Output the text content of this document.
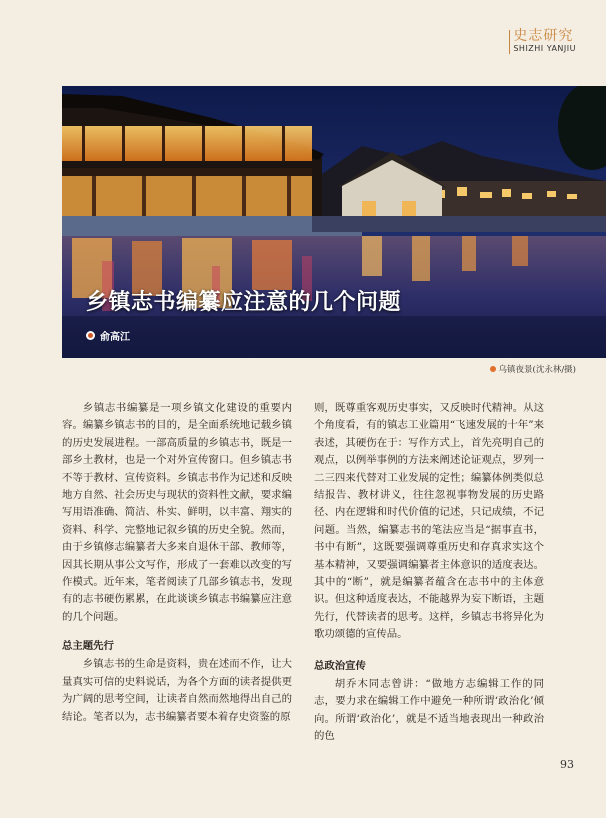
史志研究
SHIZHI YANJIU
乡镇志书编纂应注意的几个问题
俞高江
乌镇夜景(沈永林/摄)

乡镇志书编纂是一项乡镇文化建设的重要内容。编纂乡镇志书的目的，是全面系统地记载乡镇的历史发展进程。一部高质量的乡镇志书，既是一部乡土教材，也是一个对外宣传窗口。但乡镇志书不等于教材、宣传资料。乡镇志书作为记述和反映地方自然、社会历史与现状的资料性文献，要求编写用语准确、简洁、朴实、鲜明，以丰富、翔实的资料、科学、完整地记叙乡镇的历史全貌。然而，由于乡镇修志编纂者大多来自退休干部、教师等，因其长期从事公文写作，形成了一套难以改变的写作模式。近年来，笔者阅读了几部乡镇志书，发现有的志书硬伤累累，在此谈谈乡镇志书编纂应注意的几个问题。

总主题先行

乡镇志书的生命是资料，贵在述而不作，让大量真实可信的史料说话，为各个方面的读者提供更为广阔的思考空间，让读者自然而然地得出自己的结论。笔者以为，志书编纂者要本着存史资鉴的原

则，既尊重客观历史事实，又反映时代精神。从这个角度看，有的镇志工业篇用“飞速发展的十年”来表述，其硬伤在于：写作方式上，首先亮明自己的观点，以例举事例的方法来阐述论证观点，罗列一二三四来代替对工业发展的定性；编纂体例类似总结报告、教材讲义，往往忽视事物发展的历史路径、内在逻辑和时代价值的记述，只记成绩，不记问题。当然，编纂志书的笔法应当是“据事直书，书中有断”，这既要强调尊重历史和存真求实这个基本精神，又要强调编纂者主体意识的适度表达。其中的“断”，就是编纂者蕴含在志书中的主体意识。但这种适度表达，不能越界为妄下断语，主题先行，代替读者的思考。这样，乡镇志书将异化为歌功颂德的宣传品。

总政治宣传

胡乔木同志曾讲：“做地方志编辑工作的同志，要力求在编辑工作中避免一种所谓‘政治化’倾向。所谓‘政治化’，就是不适当地表现出一种政治的色

93
